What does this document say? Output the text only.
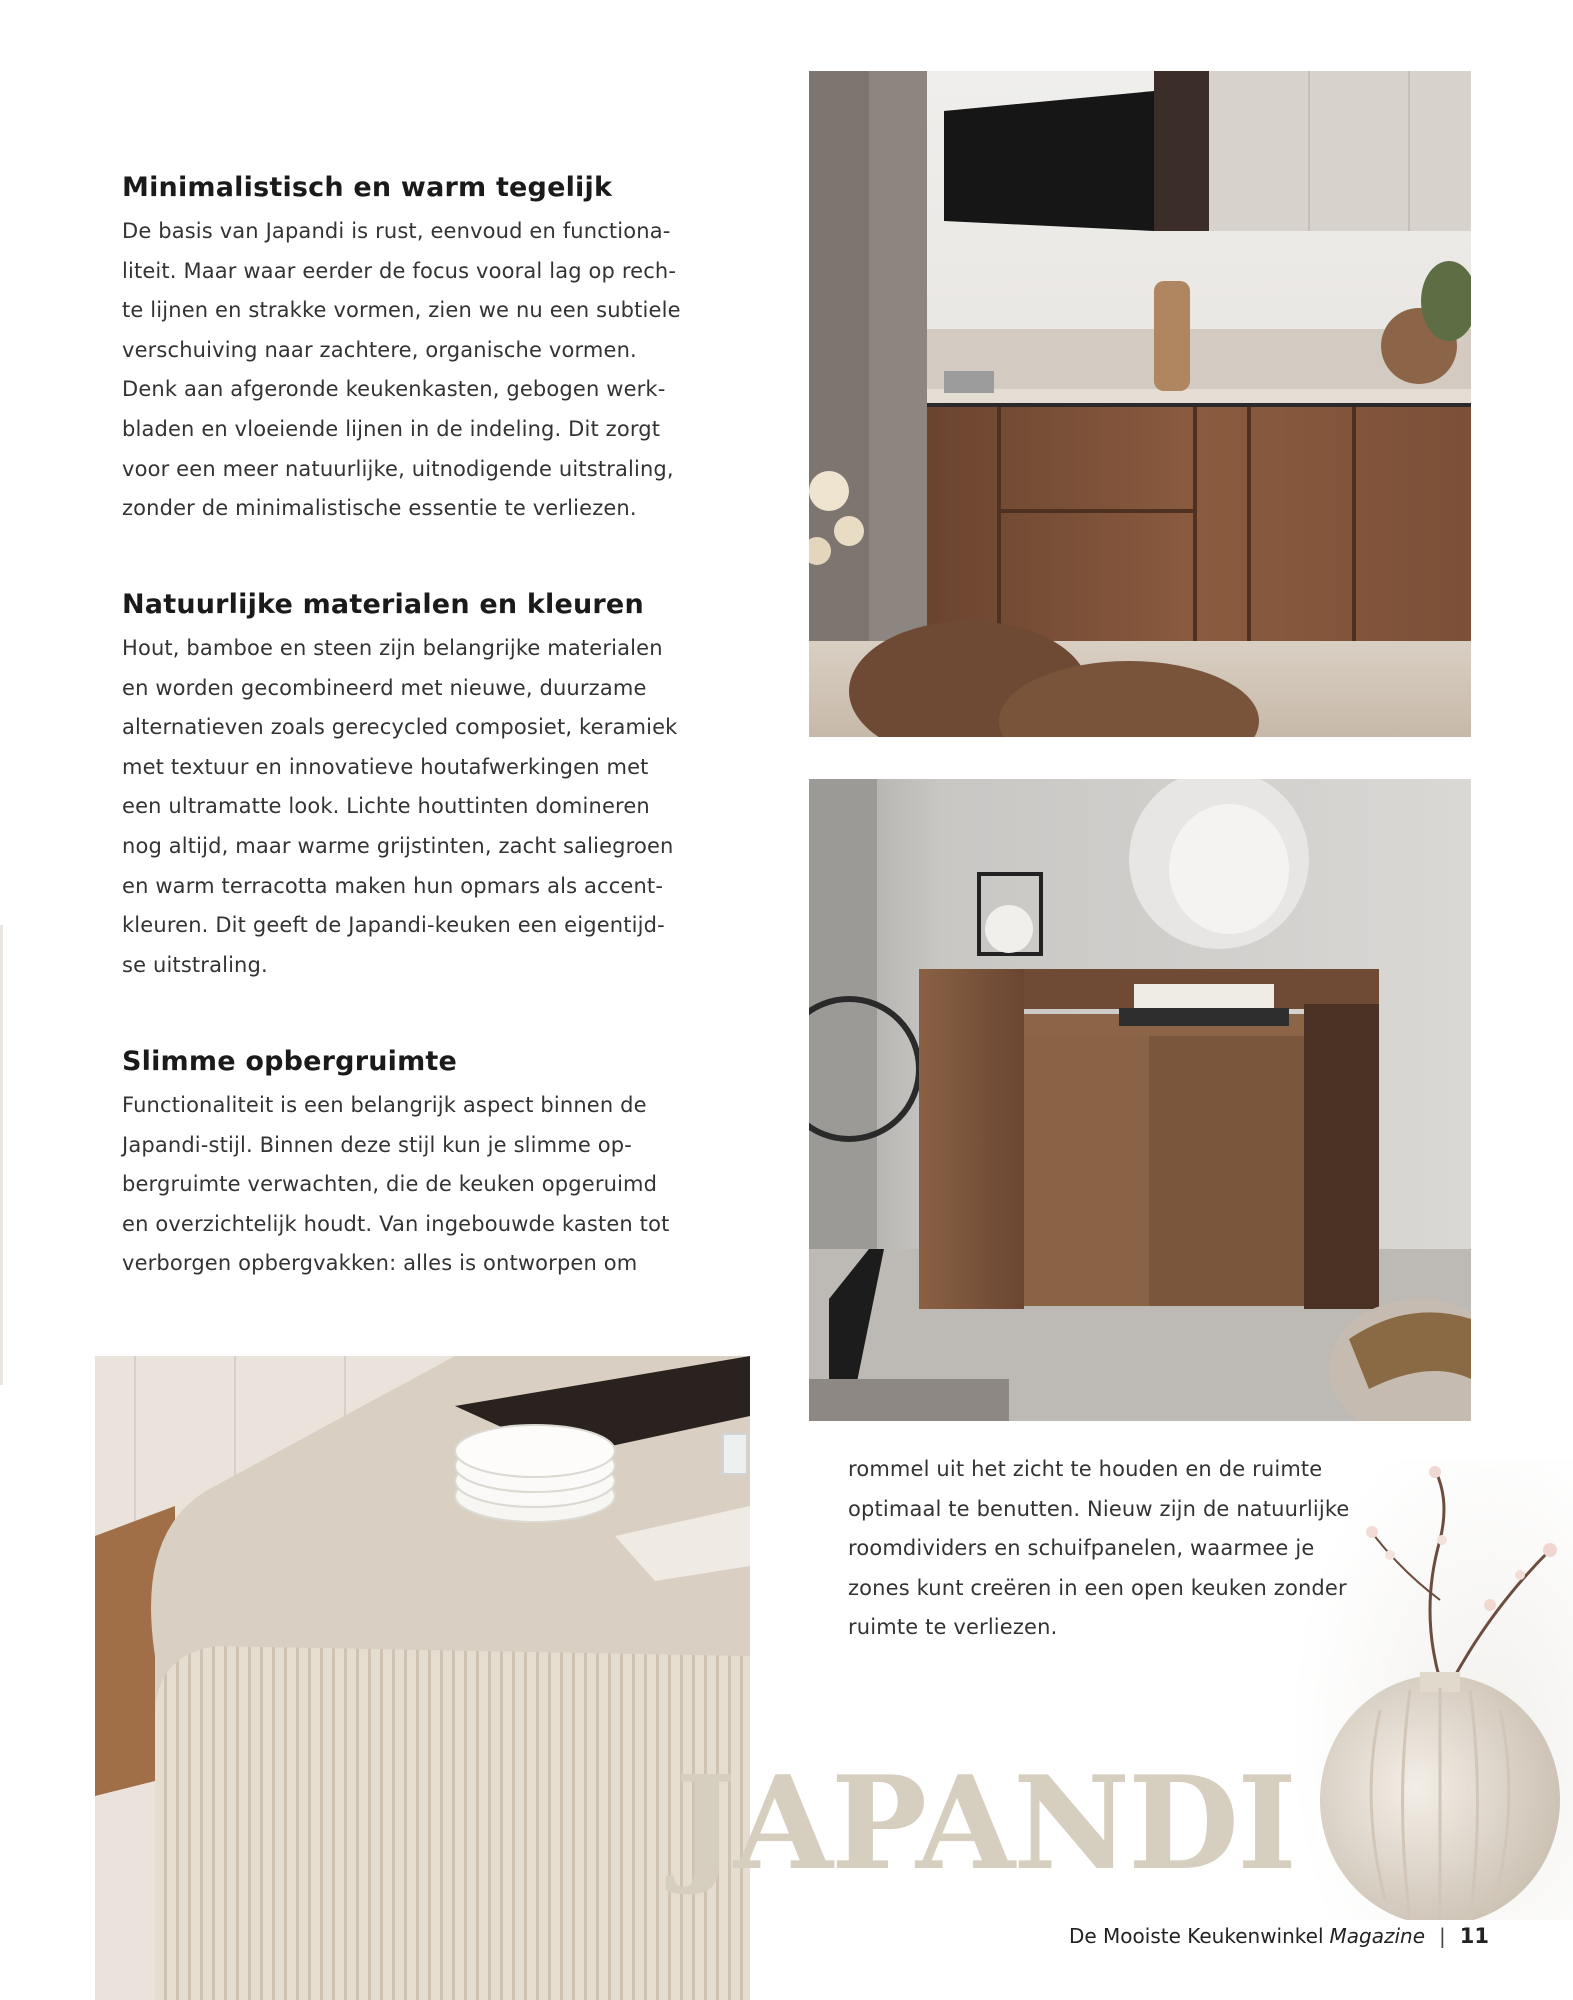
Minimalistisch en warm tegelijk
De basis van Japandi is rust, eenvoud en functiona-
liteit. Maar waar eerder de focus vooral lag op rech-
te lijnen en strakke vormen, zien we nu een subtiele
verschuiving naar zachtere, organische vormen.
Denk aan afgeronde keukenkasten, gebogen werk-
bladen en vloeiende lijnen in de indeling. Dit zorgt
voor een meer natuurlijke, uitnodigende uitstraling,
zonder de minimalistische essentie te verliezen.
Natuurlijke materialen en kleuren
Hout, bamboe en steen zijn belangrijke materialen
en worden gecombineerd met nieuwe, duurzame
alternatieven zoals gerecycled composiet, keramiek
met textuur en innovatieve houtafwerkingen met
een ultramatte look. Lichte houttinten domineren
nog altijd, maar warme grijstinten, zacht saliegroen
en warm terracotta maken hun opmars als accent-
kleuren. Dit geeft de Japandi-keuken een eigentijd-
se uitstraling.
Slimme opbergruimte
Functionaliteit is een belangrijk aspect binnen de
Japandi-stijl. Binnen deze stijl kun je slimme op-
bergruimte verwachten, die de keuken opgeruimd
en overzichtelijk houdt. Van ingebouwde kasten tot
verborgen opbergvakken: alles is ontworpen om
rommel uit het zicht te houden en de ruimte
optimaal te benutten. Nieuw zijn de natuurlijke
roomdividers en schuifpanelen, waarmee je
zones kunt creëren in een open keuken zonder
ruimte te verliezen.
JAPANDI
De Mooiste Keukenwinkel Magazine | 11
